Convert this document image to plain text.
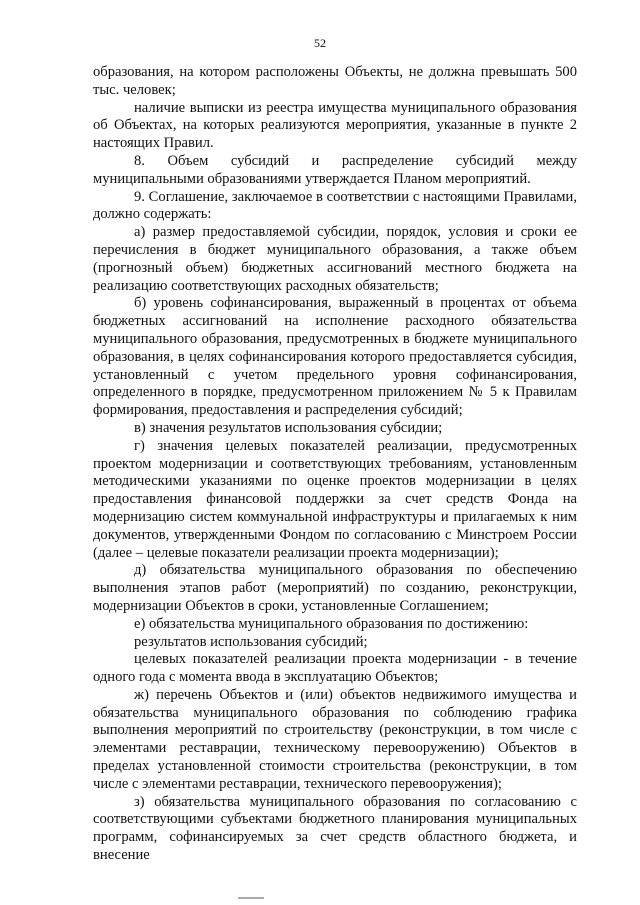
52

образования, на котором расположены Объекты, не должна превышать 500 тыс. человек;

наличие выписки из реестра имущества муниципального образования об Объектах, на которых реализуются мероприятия, указанные в пункте 2 настоящих Правил.

8. Объем субсидий и распределение субсидий между муниципальными образованиями утверждается Планом мероприятий.

9. Соглашение, заключаемое в соответствии с настоящими Правилами, должно содержать:

а) размер предоставляемой субсидии, порядок, условия и сроки ее перечисления в бюджет муниципального образования, а также объем (прогнозный объем) бюджетных ассигнований местного бюджета на реализацию соответствующих расходных обязательств;

б) уровень софинансирования, выраженный в процентах от объема бюджетных ассигнований на исполнение расходного обязательства муниципального образования, предусмотренных в бюджете муниципального образования, в целях софинансирования которого предоставляется субсидия, установленный с учетом предельного уровня софинансирования, определенного в порядке, предусмотренном приложением № 5 к Правилам формирования, предоставления и распределения субсидий;

в) значения результатов использования субсидии;

г) значения целевых показателей реализации, предусмотренных проектом модернизации и соответствующих требованиям, установленным методическими указаниями по оценке проектов модернизации в целях предоставления финансовой поддержки за счет средств Фонда на модернизацию систем коммунальной инфраструктуры и прилагаемых к ним документов, утвержденными Фондом по согласованию с Минстроем России (далее – целевые показатели реализации проекта модернизации);

д) обязательства муниципального образования по обеспечению выполнения этапов работ (мероприятий) по созданию, реконструкции, модернизации Объектов в сроки, установленные Соглашением;

е) обязательства муниципального образования по достижению:

результатов использования субсидий;

целевых показателей реализации проекта модернизации - в течение одного года с момента ввода в эксплуатацию Объектов;

ж) перечень Объектов и (или) объектов недвижимого имущества и обязательства муниципального образования по соблюдению графика выполнения мероприятий по строительству (реконструкции, в том числе с элементами реставрации, техническому перевооружению) Объектов в пределах установленной стоимости строительства (реконструкции, в том числе с элементами реставрации, технического перевооружения);

з) обязательства муниципального образования по согласованию с соответствующими субъектами бюджетного планирования муниципальных программ, софинансируемых за счет средств областного бюджета, и внесение
